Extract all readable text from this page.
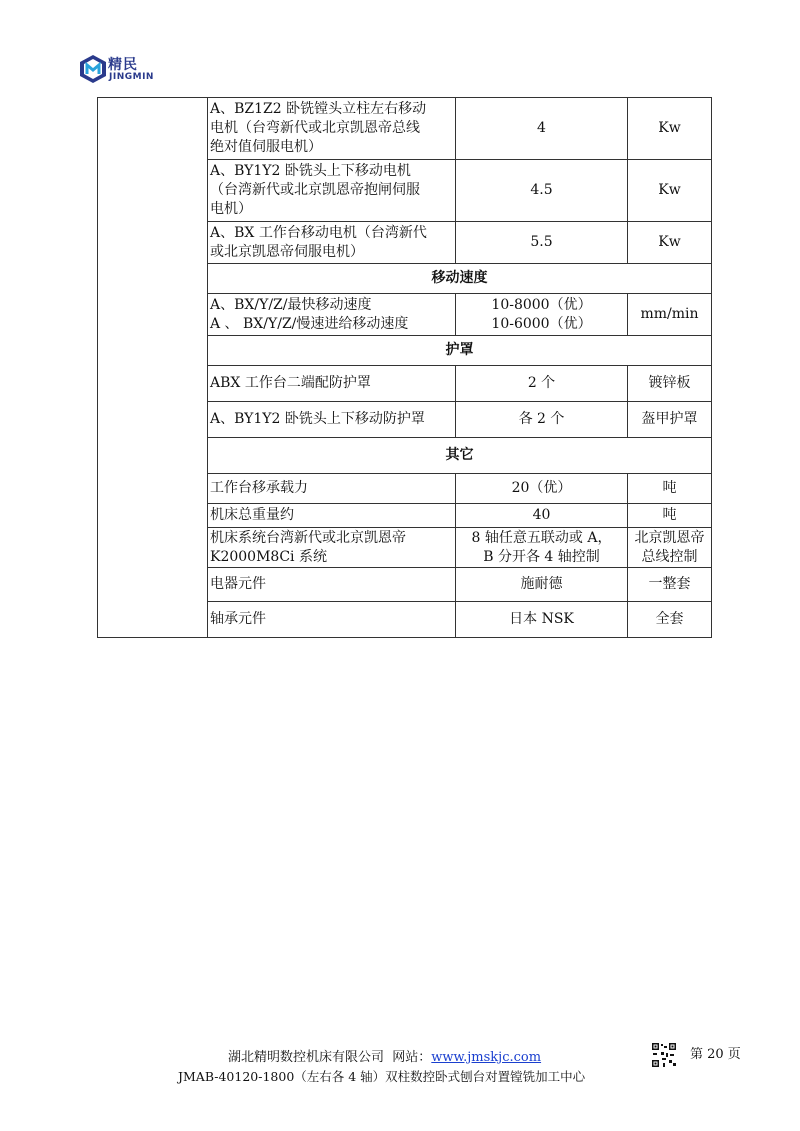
精民
JINGMIN

	A、BZ1Z2 卧铣镗头立柱左右移动
电机（台弯新代或北京凯恩帝总线
绝对值伺服电机）	4	Kw

	A、BY1Y2 卧铣头上下移动电机
（台湾新代或北京凯恩帝抱闸伺服
电机）	4.5	Kw

	A、BX 工作台移动电机（台湾新代
或北京凯恩帝伺服电机）	5.5	Kw

	移动速度		

	A、BX/Y/Z/最快移动速度
A 、 BX/Y/Z/慢速进给移动速度	10-8000（优）
10-6000（优）	mm/min

	护罩		

	ABX 工作台二端配防护罩	2 个	镀锌板

	A、BY1Y2 卧铣头上下移动防护罩	各 2 个	盔甲护罩

	其它		

	工作台移承载力	20（优）	吨

	机床总重量约	40	吨

	机床系统台湾新代或北京凯恩帝
K2000M8Ci 系统	8 轴任意五联动或 A，
B 分开各 4 轴控制	北京凯恩帝
总线控制

	电器元件	施耐德	一整套

	轴承元件	日本 NSK	全套
湖北精明数控机床有限公司 网站：www.jmskjc.com	第 20 页
JMAB-40120-1800（左右各 4 轴）双柱数控卧式刨台对置镗铣加工中心
